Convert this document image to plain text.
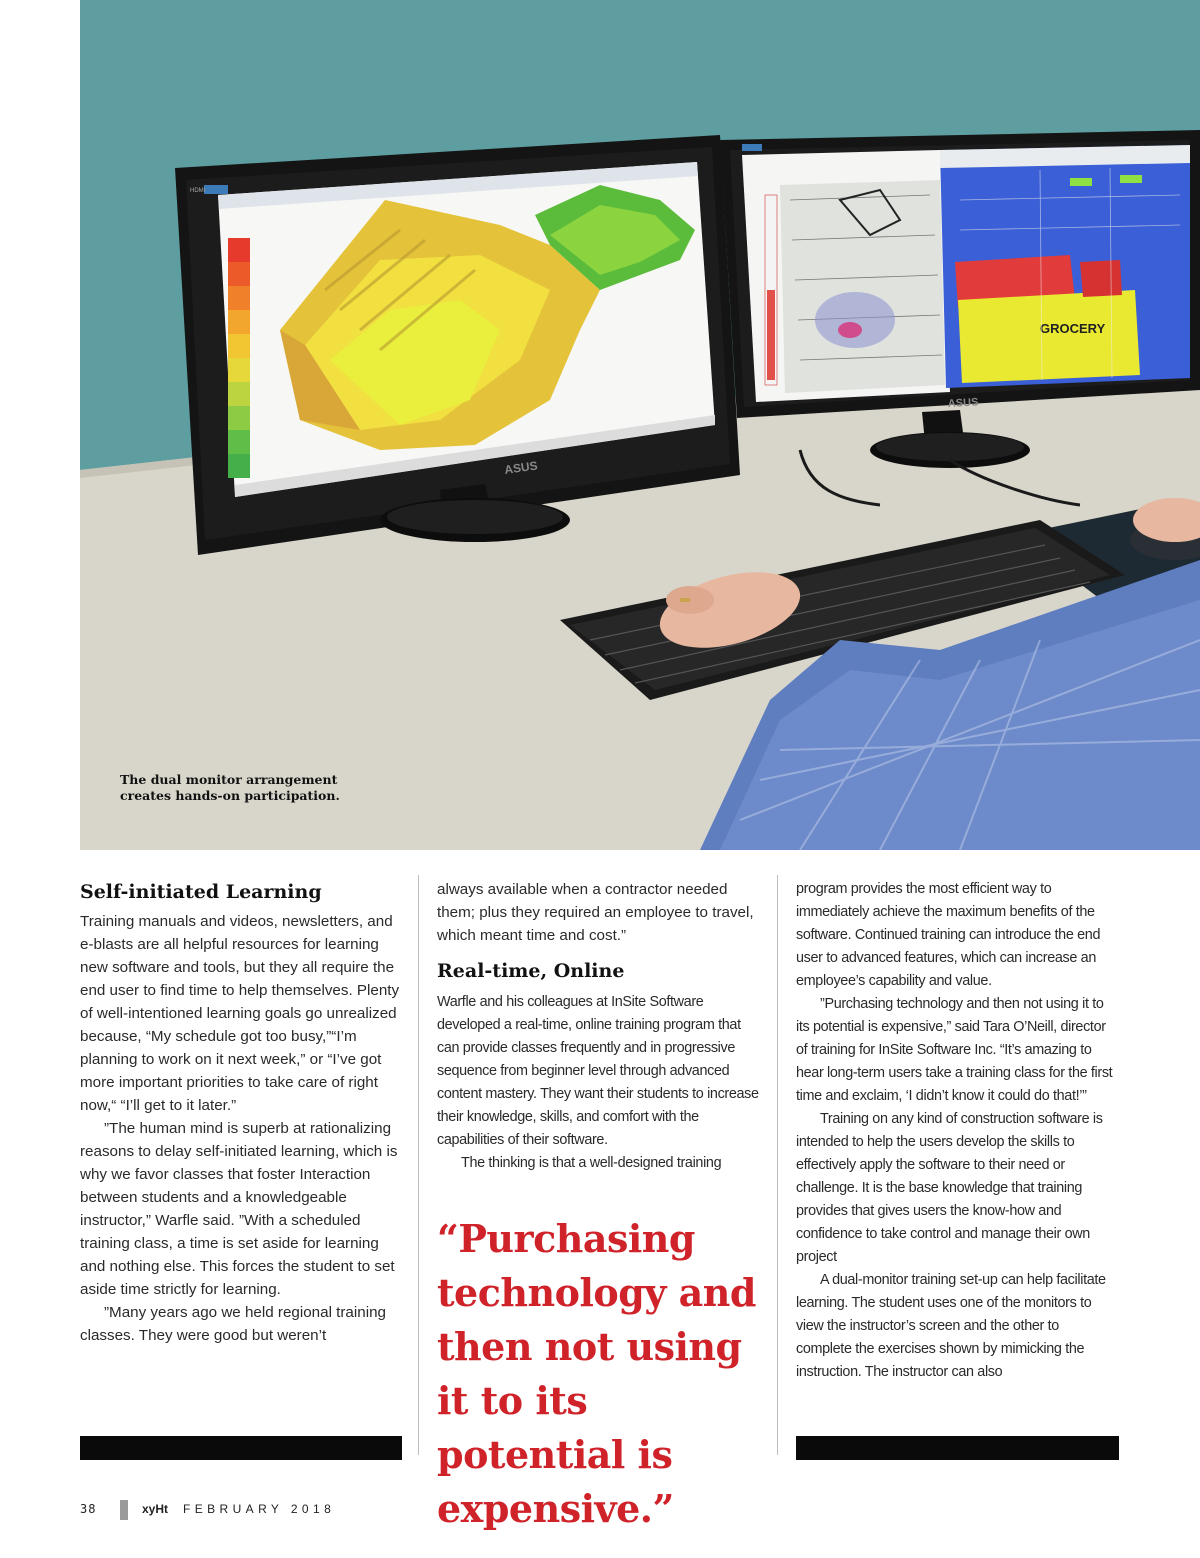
HDMI
ASUS
GROCERY
ASUS
The dual monitor arrangement creates hands-on participation.
Self-initiated Learning

Training manuals and videos, newsletters, and e-blasts are all helpful resources for learning new software and tools, but they all require the end user to find time to help themselves. Plenty of well-intentioned learning goals go unrealized because, “My schedule got too busy,”“I’m planning to work on it next week,” or “I’ve got more important priorities to take care of right now,“ “I’ll get to it later.”

”The human mind is superb at rationalizing reasons to delay self-initiated learning, which is why we favor classes that foster Interaction between students and a knowledgeable instructor,” Warfle said. ”With a scheduled training class, a time is set aside for learning and nothing else. This forces the student to set aside time strictly for learning.

”Many years ago we held regional training classes. They were good but weren’t

always available when a contractor needed them; plus they required an employee to travel, which meant time and cost.”

Real-time, Online

Warfle and his colleagues at InSite Software developed a real-time, online training program that can provide classes frequently and in progressive sequence from beginner level through advanced content mastery. They want their students to increase their knowledge, skills, and comfort with the capabilities of their software.

The thinking is that a well-designed training

“Purchasing technology and then not using it to its potential is expensive.”

program provides the most efficient way to immediately achieve the maximum benefits of the software. Continued training can introduce the end user to advanced features, which can increase an employee’s capability and value.

”Purchasing technology and then not using it to its potential is expensive,” said Tara O’Neill, director of training for InSite Software Inc. “It’s amazing to hear long-term users take a training class for the first time and exclaim, ‘I didn’t know it could do that!’”

Training on any kind of construction software is intended to help the users develop the skills to effectively apply the software to their need or challenge. It is the base knowledge that training provides that gives users the know-how and confidence to take control and manage their own project

A dual-monitor training set-up can help facilitate learning. The student uses one of the monitors to view the instructor’s screen and the other to complete the exercises shown by mimicking the instruction. The instructor can also

38	xyHt FEBRUARY 2018
